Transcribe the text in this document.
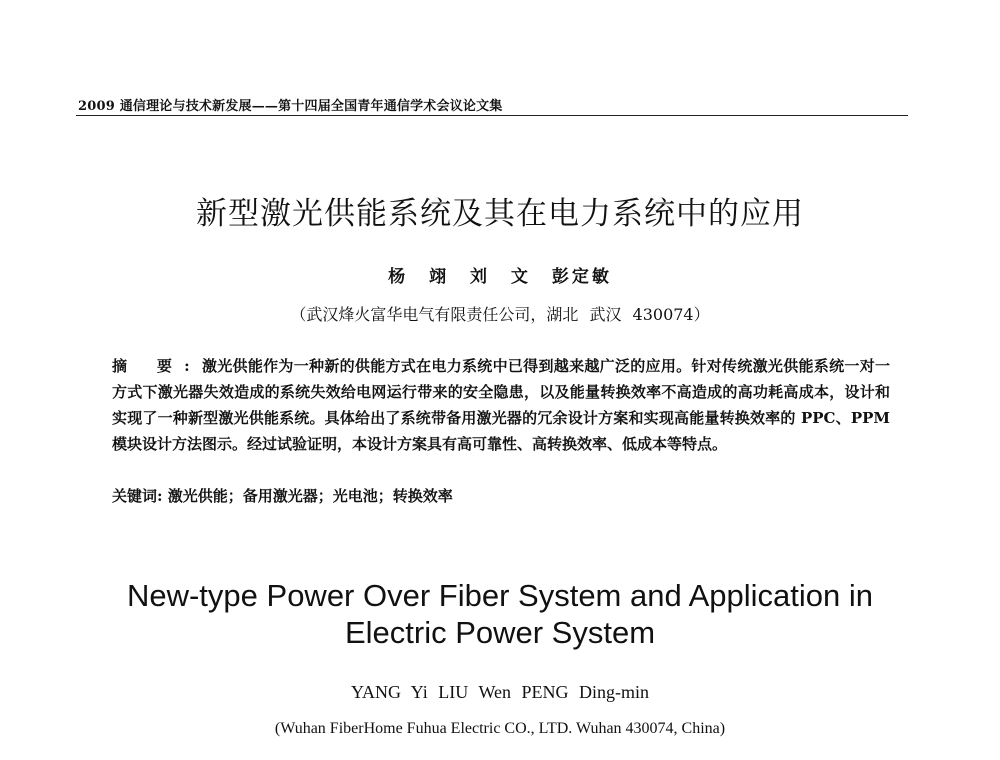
2009 通信理论与技术新发展——第十四届全国青年通信学术会议论文集
新型激光供能系统及其在电力系统中的应用
杨 翊 刘 文 彭定敏
（武汉烽火富华电气有限责任公司，湖北 武汉 430074）
摘 要:激光供能作为一种新的供能方式在电力系统中已得到越来越广泛的应用。针对传统激光供能系统一对一方式下激光器失效造成的系统失效给电网运行带来的安全隐患，以及能量转换效率不高造成的高功耗高成本，设计和实现了一种新型激光供能系统。具体给出了系统带备用激光器的冗余设计方案和实现高能量转换效率的 PPC、PPM 模块设计方法图示。经过试验证明，本设计方案具有高可靠性、高转换效率、低成本等特点。
关键词: 激光供能；备用激光器；光电池；转换效率
New-type Power Over Fiber System and Application in
Electric Power System
YANG Yi LIU Wen PENG Ding-min
(Wuhan FiberHome Fuhua Electric CO., LTD. Wuhan 430074, China)
